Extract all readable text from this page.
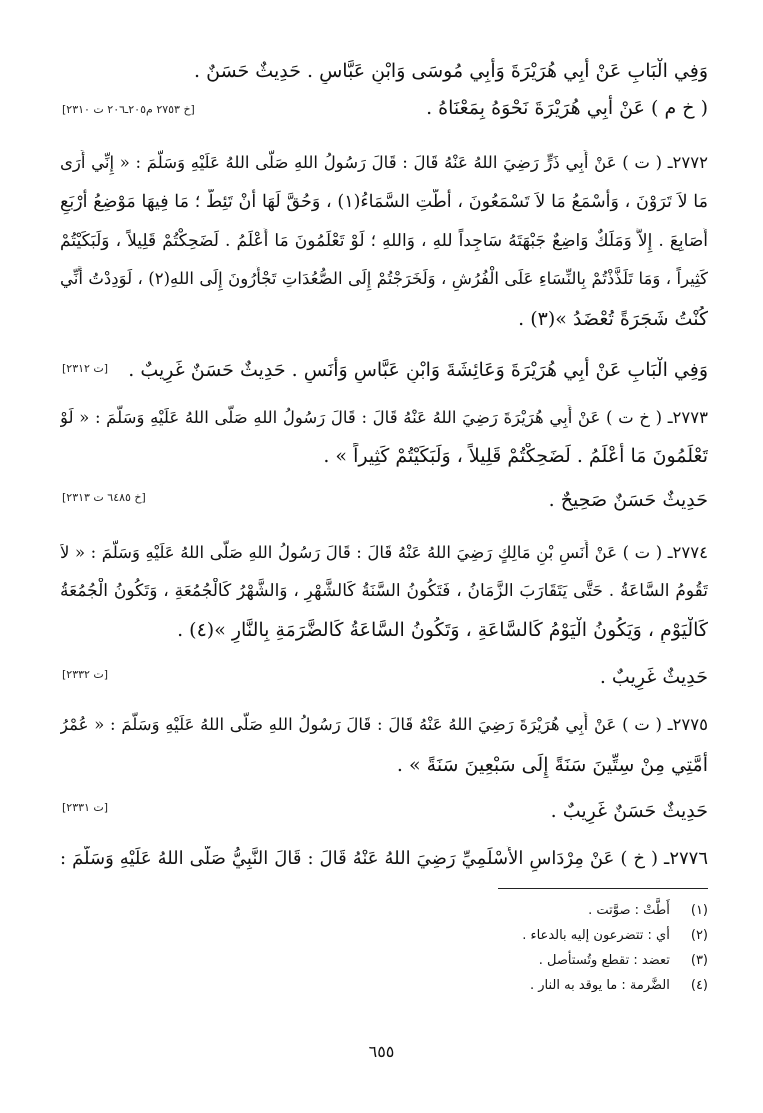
وَفِي الْبَابِ عَنْ أَبِي هُرَيْرَةَ وَأَبِي مُوسَى وَابْنِ عَبَّاسٍ . حَدِيثٌ حَسَنٌ .
( خ م ) عَنْ أَبِي هُرَيْرَةَ نَحْوَهُ بِمَعْنَاهُ .
[خ ٢٧٥٣ م٢٠٥ـ٢٠٦ ت ٢٣١٠]
٢٧٧٢ـ ( ت ) عَنْ أَبِي ذَرٍّ رَضِيَ اللهُ عَنْهُ قَالَ : قَالَ رَسُولُ اللهِ صَلَّى اللهُ عَلَيْهِ وَسَلَّمَ : « إِنِّي أَرَى
مَا لاَ تَرَوْنَ ، وَأَسْمَعُ مَا لاَ تَسْمَعُونَ ، أَطَّتِ السَّمَاءُ(١) ، وَحُقَّ لَهَا أَنْ تَئِطَّ ؛ مَا فِيهَا مَوْضِعُ أَرْبَعِ
أَصَابِعَ . إِلاَّ وَمَلَكٌ وَاضِعٌ جَبْهَتَهُ سَاجِداً للهِ ، وَاللهِ ؛ لَوْ تَعْلَمُونَ مَا أَعْلَمُ . لَضَحِكْتُمْ قَلِيلاً ، وَلَبَكَيْتُمْ
كَثِيراً ، وَمَا تَلَذَّذْتُمْ بِالنِّسَاءِ عَلَى الْفُرُشِ ، وَلَخَرَجْتُمْ إِلَى الصُّعُدَاتِ تَجْأَرُونَ إِلَى اللهِ(٢) ، لَوَدِدْتُ أَنِّي
كُنْتُ شَجَرَةً تُعْضَدُ »(٣) .
وَفِي الْبَابِ عَنْ أَبِي هُرَيْرَةَ وَعَائِشَةَ وَابْنِ عَبَّاسٍ وَأَنَسٍ . حَدِيثٌ حَسَنٌ غَرِيبٌ .
[ت ٢٣١٢]
٢٧٧٣ـ ( خ ت ) عَنْ أَبِي هُرَيْرَةَ رَضِيَ اللهُ عَنْهُ قَالَ : قَالَ رَسُولُ اللهِ صَلَّى اللهُ عَلَيْهِ وَسَلَّمَ : « لَوْ
تَعْلَمُونَ مَا أَعْلَمُ . لَضَحِكْتُمْ قَلِيلاً ، وَلَبَكَيْتُمْ كَثِيراً » .
حَدِيثٌ حَسَنٌ صَحِيحٌ .
[خ ٦٤٨٥ ت ٢٣١٣]
٢٧٧٤ـ ( ت ) عَنْ أَنَسِ بْنِ مَالِكٍ رَضِيَ اللهُ عَنْهُ قَالَ : قَالَ رَسُولُ اللهِ صَلَّى اللهُ عَلَيْهِ وَسَلَّمَ : « لاَ
تَقُومُ السَّاعَةُ . حَتَّى يَتَقَارَبَ الزَّمَانُ ، فَتَكُونُ السَّنَةُ كَالشَّهْرِ ، وَالشَّهْرُ كَالْجُمُعَةِ ، وَتَكُونُ الْجُمُعَةُ
كَالْيَوْمِ ، وَيَكُونُ الْيَوْمُ كَالسَّاعَةِ ، وَتَكُونُ السَّاعَةُ كَالضَّرَمَةِ بِالنَّارِ »(٤) .
حَدِيثٌ غَرِيبٌ .
[ت ٢٣٣٢]
٢٧٧٥ـ ( ت ) عَنْ أَبِي هُرَيْرَةَ رَضِيَ اللهُ عَنْهُ قَالَ : قَالَ رَسُولُ اللهِ صَلَّى اللهُ عَلَيْهِ وَسَلَّمَ : « عُمْرُ
أُمَّتِي مِنْ سِتِّينَ سَنَةً إِلَى سَبْعِينَ سَنَةً » .
حَدِيثٌ حَسَنٌ غَرِيبٌ .
[ت ٢٣٣١]
٢٧٧٦ـ ( خ ) عَنْ مِرْدَاسٍ الأَسْلَمِيِّ رَضِيَ اللهُ عَنْهُ قَالَ : قَالَ النَّبِيُّ صَلَّى اللهُ عَلَيْهِ وَسَلَّمَ :
(١) أَطَّتْ : صوَّتت .
(٢) أي : تتضرعون إليه بالدعاء .
(٣) تعضد : تقطع وتُستأصل .
(٤) الضَّرمة : ما يوقد به النار .
٦٥٥
